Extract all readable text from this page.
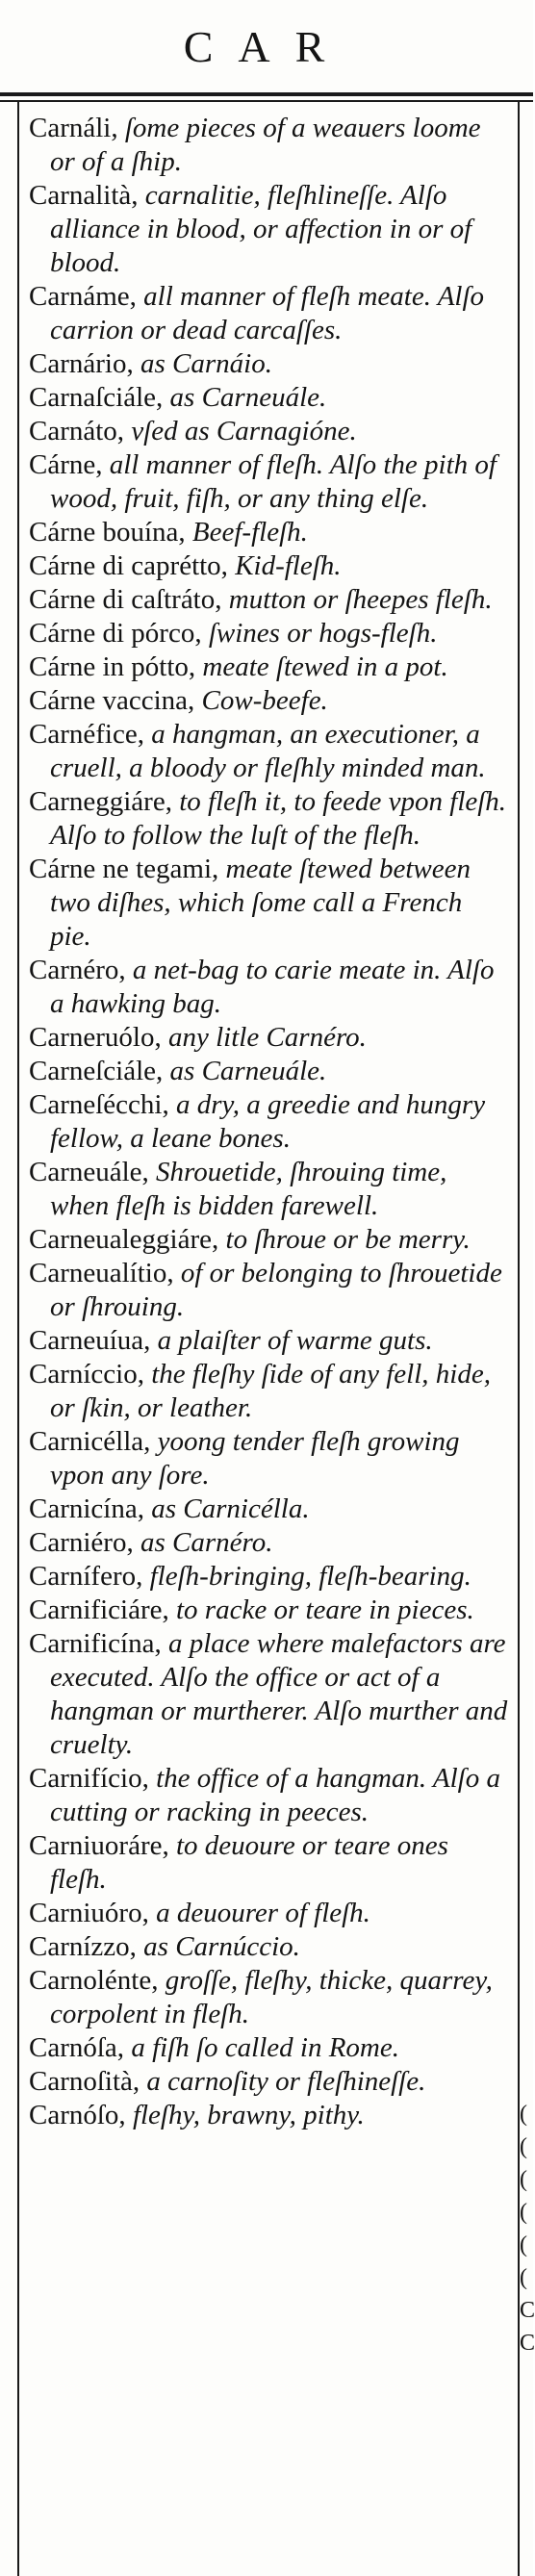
CAR

Carnáli, ſome pieces of a weauers loome or of a ſhip.

Carnalità, carnalitie, fleſhlineſſe. Alſo alliance in blood, or affection in or of blood.

Carnáme, all manner of fleſh meate. Alſo carrion or dead carcaſſes.

Carnário, as Carnáio.

Carnaſciále, as Carneuále.

Carnáto, vſed as Carnagióne.

Cárne, all manner of fleſh. Alſo the pith of wood, fruit, fiſh, or any thing elſe.

Cárne bouína, Beef-fleſh.

Cárne di caprétto, Kid-fleſh.

Cárne di caſtráto, mutton or ſheepes fleſh.

Cárne di pórco, ſwines or hogs-fleſh.

Cárne in pótto, meate ſtewed in a pot.

Cárne vaccina, Cow-beefe.

Carnéfice, a hangman, an executioner, a cruell, a bloody or fleſhly minded man.

Carneggiáre, to fleſh it, to feede vpon fleſh. Alſo to follow the luſt of the fleſh.

Cárne ne tegami, meate ſtewed between two diſhes, which ſome call a French pie.

Carnéro, a net-bag to carie meate in. Alſo a hawking bag.

Carneruólo, any litle Carnéro.

Carneſciále, as Carneuále.

Carneſécchi, a dry, a greedie and hungry fellow, a leane bones.

Carneuále, Shrouetide, ſhrouing time, when fleſh is bidden farewell.

Carneualeggiáre, to ſhroue or be merry.

Carneualítio, of or belonging to ſhrouetide or ſhrouing.

Carneuíua, a plaiſter of warme guts.

Carníccio, the fleſhy ſide of any fell, hide, or ſkin, or leather.

Carnicélla, yoong tender fleſh growing vpon any ſore.

Carnicína, as Carnicélla.

Carniéro, as Carnéro.

Carnífero, fleſh-bringing, fleſh-bearing.

Carnificiáre, to racke or teare in pieces.

Carnificína, a place where malefactors are executed. Alſo the office or act of a hangman or murtherer. Alſo murther and cruelty.

Carnifício, the office of a hangman. Alſo a cutting or racking in peeces.

Carniuoráre, to deuoure or teare ones fleſh.

Carniuóro, a deuourer of fleſh.

Carnízzo, as Carnúccio.

Carnolénte, groſſe, fleſhy, thicke, quarrey, corpolent in fleſh.

Carnóſa, a fiſh ſo called in Rome.

Carnoſità, a carnoſity or fleſhineſſe.

Carnóſo, fleſhy, brawny, pithy.	(
(
(
(
(
(
C
C
